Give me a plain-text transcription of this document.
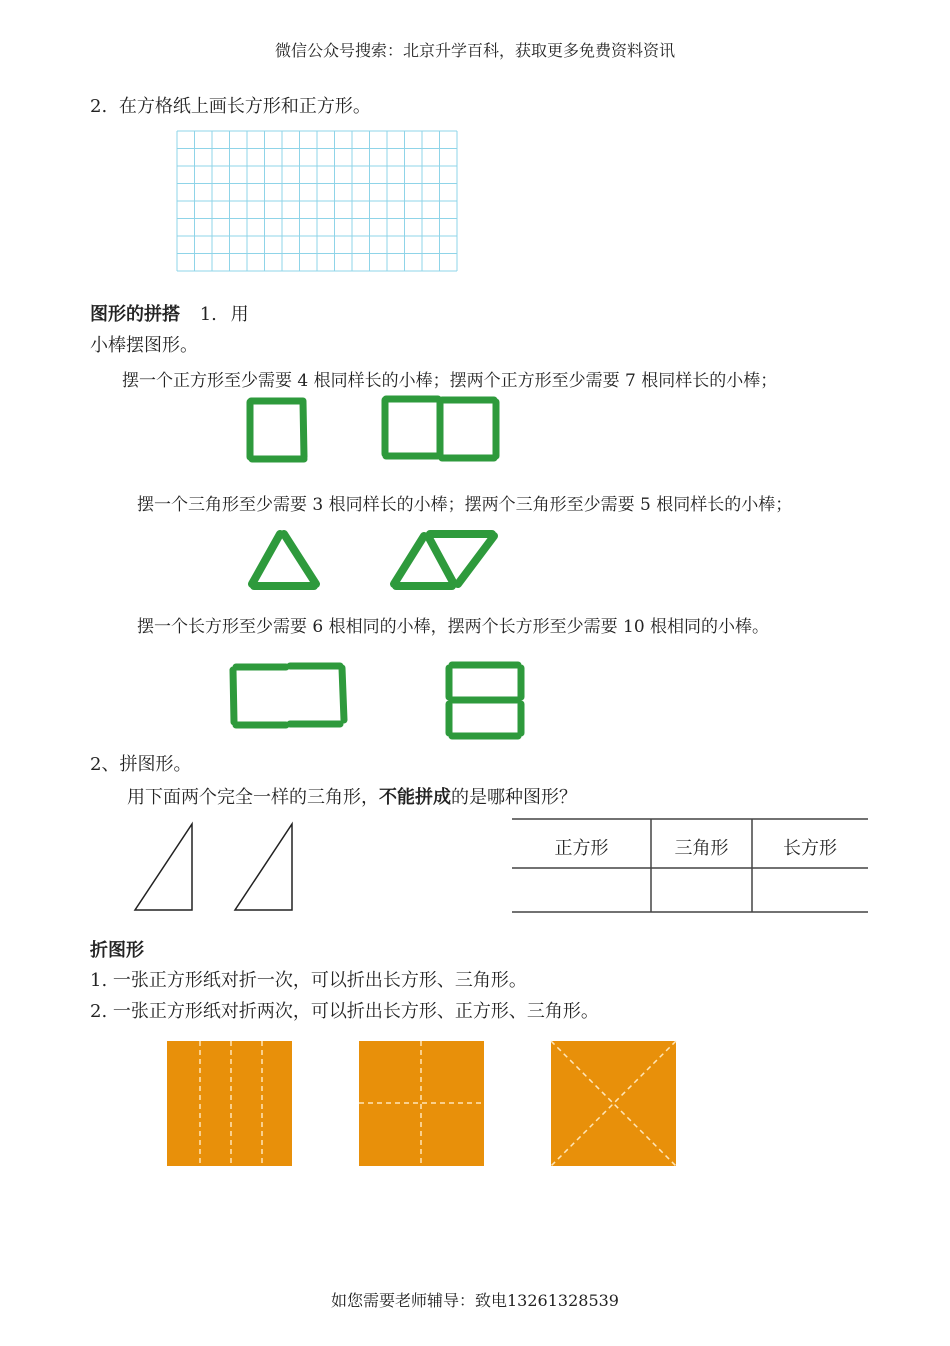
微信公众号搜索：北京升学百科，获取更多免费资料资讯
2. 在方格纸上画长方形和正方形。
图形的拼搭 1. 用
小棒摆图形。
摆一个正方形至少需要 4 根同样长的小棒；摆两个正方形至少需要 7 根同样长的小棒；
摆一个三角形至少需要 3 根同样长的小棒；摆两个三角形至少需要 5 根同样长的小棒；
摆一个长方形至少需要 6 根相同的小棒，摆两个长方形至少需要 10 根相同的小棒。
2、拼图形。
用下面两个完全一样的三角形，不能拼成的是哪种图形？
正方形	三角形	长方形
折图形
1. 一张正方形纸对折一次，可以折出长方形、三角形。
2. 一张正方形纸对折两次，可以折出长方形、正方形、三角形。
如您需要老师辅导：致电13261328539
